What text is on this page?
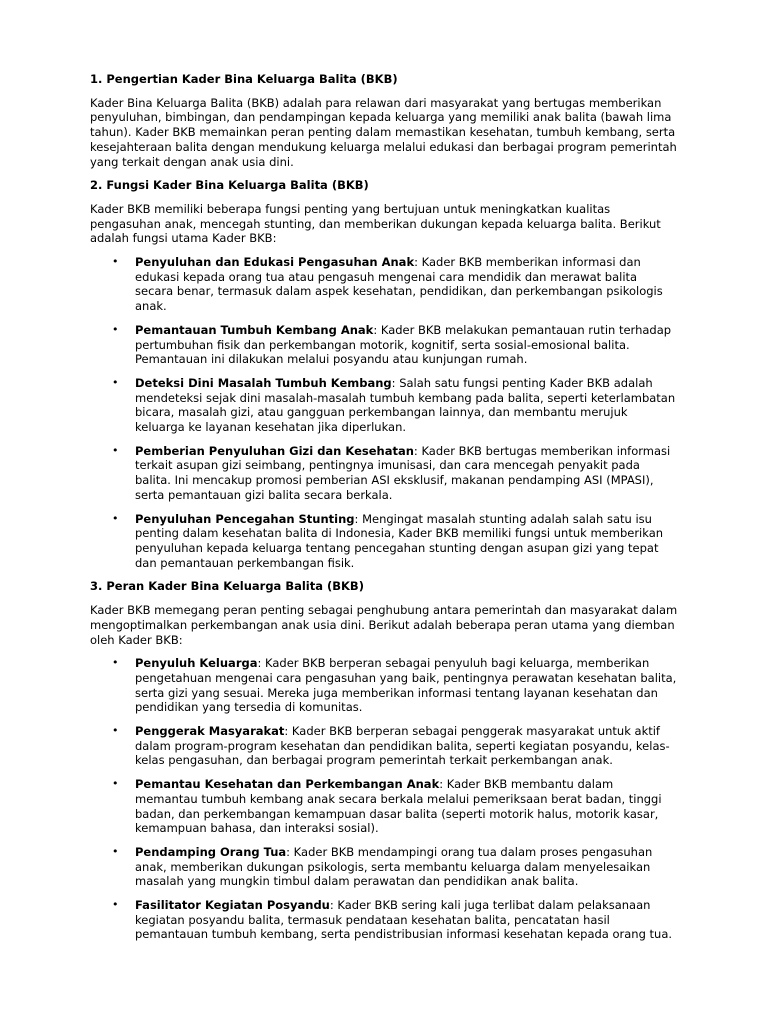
1. Pengertian Kader Bina Keluarga Balita (BKB)

Kader Bina Keluarga Balita (BKB) adalah para relawan dari masyarakat yang bertugas memberikan penyuluhan, bimbingan, dan pendampingan kepada keluarga yang memiliki anak balita (bawah lima tahun). Kader BKB memainkan peran penting dalam memastikan kesehatan, tumbuh kembang, serta kesejahteraan balita dengan mendukung keluarga melalui edukasi dan berbagai program pemerintah yang terkait dengan anak usia dini.

2. Fungsi Kader Bina Keluarga Balita (BKB)

Kader BKB memiliki beberapa fungsi penting yang bertujuan untuk meningkatkan kualitas pengasuhan anak, mencegah stunting, dan memberikan dukungan kepada keluarga balita. Berikut adalah fungsi utama Kader BKB:

• Penyuluhan dan Edukasi Pengasuhan Anak: Kader BKB memberikan informasi dan edukasi kepada orang tua atau pengasuh mengenai cara mendidik dan merawat balita secara benar, termasuk dalam aspek kesehatan, pendidikan, dan perkembangan psikologis anak.
• Pemantauan Tumbuh Kembang Anak: Kader BKB melakukan pemantauan rutin terhadap pertumbuhan fisik dan perkembangan motorik, kognitif, serta sosial-emosional balita. Pemantauan ini dilakukan melalui posyandu atau kunjungan rumah.
• Deteksi Dini Masalah Tumbuh Kembang: Salah satu fungsi penting Kader BKB adalah mendeteksi sejak dini masalah-masalah tumbuh kembang pada balita, seperti keterlambatan bicara, masalah gizi, atau gangguan perkembangan lainnya, dan membantu merujuk keluarga ke layanan kesehatan jika diperlukan.
• Pemberian Penyuluhan Gizi dan Kesehatan: Kader BKB bertugas memberikan informasi terkait asupan gizi seimbang, pentingnya imunisasi, dan cara mencegah penyakit pada balita. Ini mencakup promosi pemberian ASI eksklusif, makanan pendamping ASI (MPASI), serta pemantauan gizi balita secara berkala.
• Penyuluhan Pencegahan Stunting: Mengingat masalah stunting adalah salah satu isu penting dalam kesehatan balita di Indonesia, Kader BKB memiliki fungsi untuk memberikan penyuluhan kepada keluarga tentang pencegahan stunting dengan asupan gizi yang tepat dan pemantauan perkembangan fisik.
3. Peran Kader Bina Keluarga Balita (BKB)

Kader BKB memegang peran penting sebagai penghubung antara pemerintah dan masyarakat dalam mengoptimalkan perkembangan anak usia dini. Berikut adalah beberapa peran utama yang diemban oleh Kader BKB:

• Penyuluh Keluarga: Kader BKB berperan sebagai penyuluh bagi keluarga, memberikan pengetahuan mengenai cara pengasuhan yang baik, pentingnya perawatan kesehatan balita, serta gizi yang sesuai. Mereka juga memberikan informasi tentang layanan kesehatan dan pendidikan yang tersedia di komunitas.
• Penggerak Masyarakat: Kader BKB berperan sebagai penggerak masyarakat untuk aktif dalam program-program kesehatan dan pendidikan balita, seperti kegiatan posyandu, kelas-kelas pengasuhan, dan berbagai program pemerintah terkait perkembangan anak.
• Pemantau Kesehatan dan Perkembangan Anak: Kader BKB membantu dalam memantau tumbuh kembang anak secara berkala melalui pemeriksaan berat badan, tinggi badan, dan perkembangan kemampuan dasar balita (seperti motorik halus, motorik kasar, kemampuan bahasa, dan interaksi sosial).
• Pendamping Orang Tua: Kader BKB mendampingi orang tua dalam proses pengasuhan anak, memberikan dukungan psikologis, serta membantu keluarga dalam menyelesaikan masalah yang mungkin timbul dalam perawatan dan pendidikan anak balita.
• Fasilitator Kegiatan Posyandu: Kader BKB sering kali juga terlibat dalam pelaksanaan kegiatan posyandu balita, termasuk pendataan kesehatan balita, pencatatan hasil pemantauan tumbuh kembang, serta pendistribusian informasi kesehatan kepada orang tua.
